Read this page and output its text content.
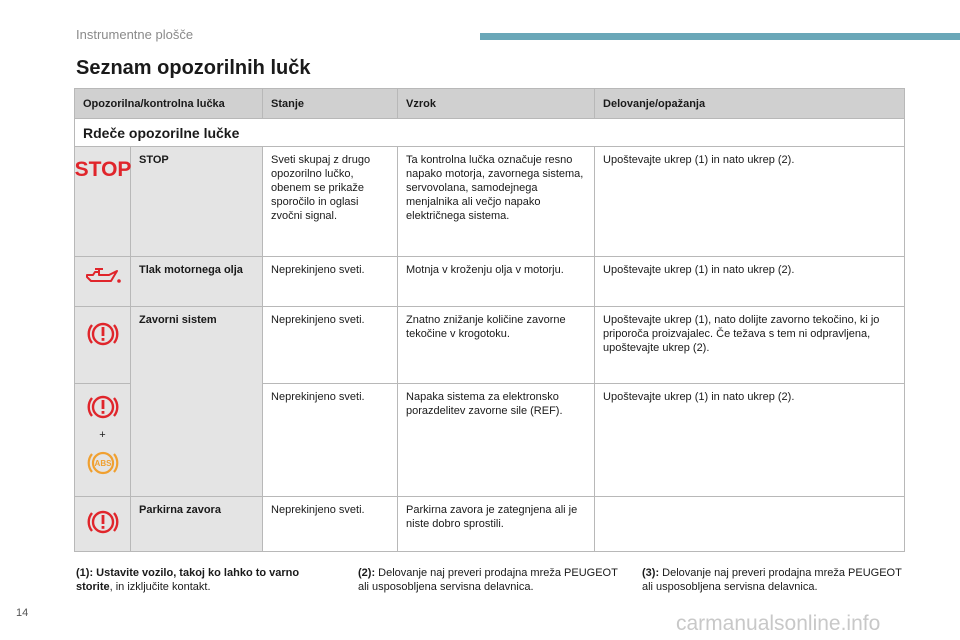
Instrumentne plošče
Seznam opozorilnih lučk
Opozorilna/kontrolna lučka		Stanje	Vzrok	Delovanje/opažanja
Rdeče opozorilne lučke				

STOP	STOP	Sveti skupaj z drugo opozorilno lučko, obenem se prikaže sporočilo in oglasi zvočni signal.	Ta kontrolna lučka označuje resno napako motorja, zavornega sistema, servovolana, samodejnega menjalnika ali večjo napako električnega sistema.	Upoštevajte ukrep (1) in nato ukrep (2).

	Tlak motornega olja	Neprekinjeno sveti.	Motnja v kroženju olja v motorju.	Upoštevajte ukrep (1) in nato ukrep (2).

	Zavorni sistem	Neprekinjeno sveti.	Znatno znižanje količine zavorne tekočine v krogotoku.	Upoštevajte ukrep (1), nato dolijte zavorno tekočino, ki jo priporoča proizvajalec. Če težava s tem ni odpravljena, upoštevajte ukrep (2).

+
ABS		Neprekinjeno sveti.	Napaka sistema za elektronsko porazdelitev zavorne sile (REF).	Upoštevajte ukrep (1) in nato ukrep (2).

	Parkirna zavora	Neprekinjeno sveti.	Parkirna zavora je zategnjena ali je niste dobro sprostili.	
(1): Ustavite vozilo, takoj ko lahko to varno storite, in izključite kontakt.
(2): Delovanje naj preveri prodajna mreža PEUGEOT ali usposobljena servisna delavnica.
(3): Delovanje naj preveri prodajna mreža PEUGEOT ali usposobljena servisna delavnica.
14	carmanualsonline.info
